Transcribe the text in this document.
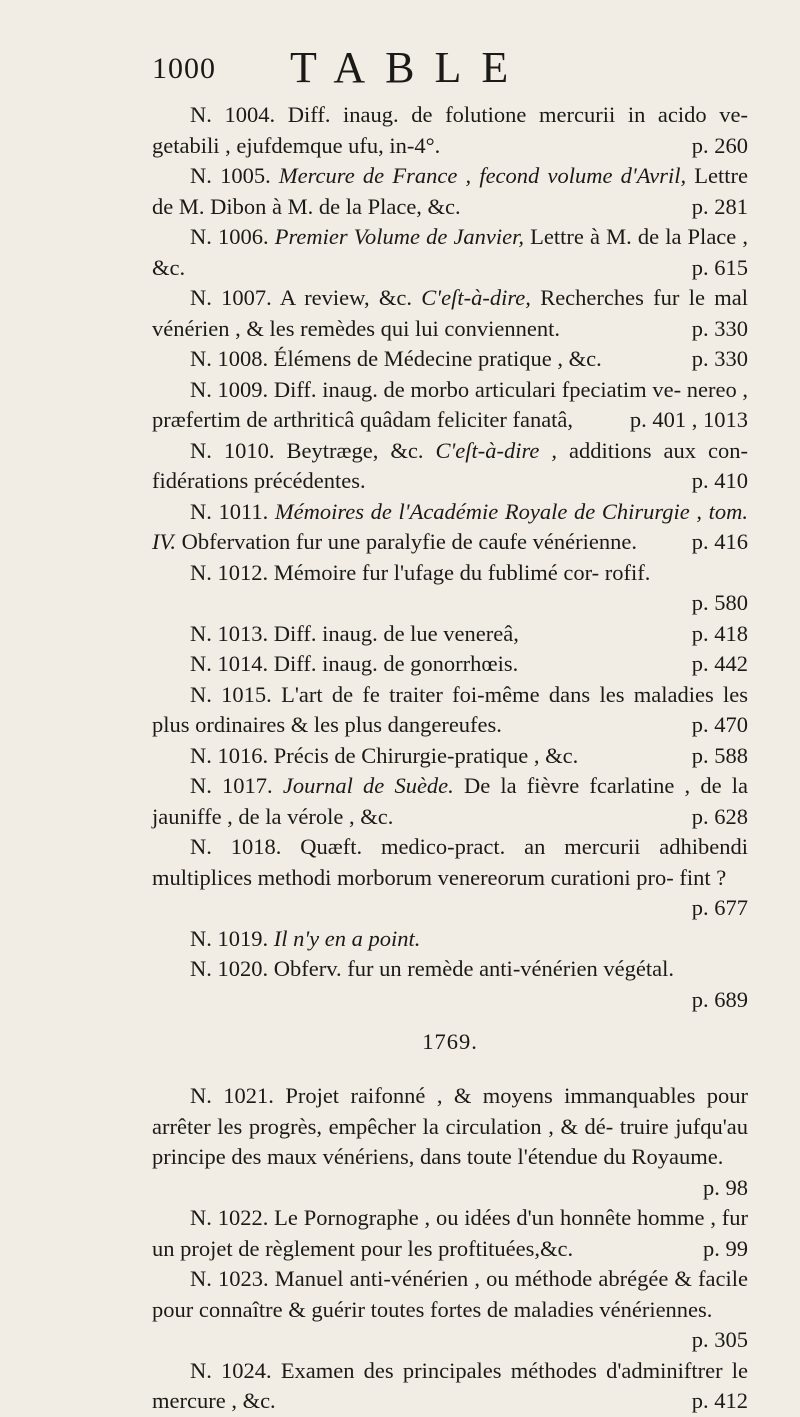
1000 TABLE

N. 1004. Diff. inaug. de folutione mercurii in acido ve- getabili , ejufdemque ufu, in-4°.	p. 260

N. 1005. Mercure de France , fecond volume d'Avril, Lettre de M. Dibon à M. de la Place, &c.	p. 281

N. 1006. Premier Volume de Janvier, Lettre à M. de la Place , &c.	p. 615

N. 1007. A review, &c. C'eſt-à-dire, Recherches fur le mal vénérien , & les remèdes qui lui conviennent.	p. 330

N. 1008. Élémens de Médecine pratique , &c.	p. 330

N. 1009. Diff. inaug. de morbo articulari fpeciatim ve- nereo , præfertim de arthriticâ quâdam feliciter fanatâ,	p. 401 , 1013

N. 1010. Beytræge, &c. C'eſt-à-dire , additions aux con- fidérations précédentes.	p. 410

N. 1011. Mémoires de l'Académie Royale de Chirurgie , tom. IV. Obfervation fur une paralyfie de caufe vénérienne.	p. 416

N. 1012. Mémoire fur l'ufage du fublimé cor- rofif.
p. 580

N. 1013. Diff. inaug. de lue venereâ,	p. 418

N. 1014. Diff. inaug. de gonorrhœis.	p. 442

N. 1015. L'art de fe traiter foi-même dans les maladies les plus ordinaires & les plus dangereufes.	p. 470

N. 1016. Précis de Chirurgie-pratique , &c.	p. 588

N. 1017. Journal de Suède. De la fièvre fcarlatine , de la jauniffe , de la vérole , &c.	p. 628

N. 1018. Quæft. medico-pract. an mercurii adhibendi multiplices methodi morborum venereorum curationi pro- fint ?
p. 677

N. 1019. Il n'y en a point.

N. 1020. Obferv. fur un remède anti-vénérien végétal.
p. 689

1769.

N. 1021. Projet raifonné , & moyens immanquables pour arrêter les progrès, empêcher la circulation , & dé- truire jufqu'au principe des maux vénériens, dans toute l'étendue du Royaume.
p. 98

N. 1022. Le Pornographe , ou idées d'un honnête homme , fur un projet de règlement pour les proftituées,&c.	p. 99

N. 1023. Manuel anti-vénérien , ou méthode abrégée & facile pour connaître & guérir toutes fortes de maladies vénériennes.
p. 305

N. 1024. Examen des principales méthodes d'adminiftrer le mercure , &c.	p. 412
